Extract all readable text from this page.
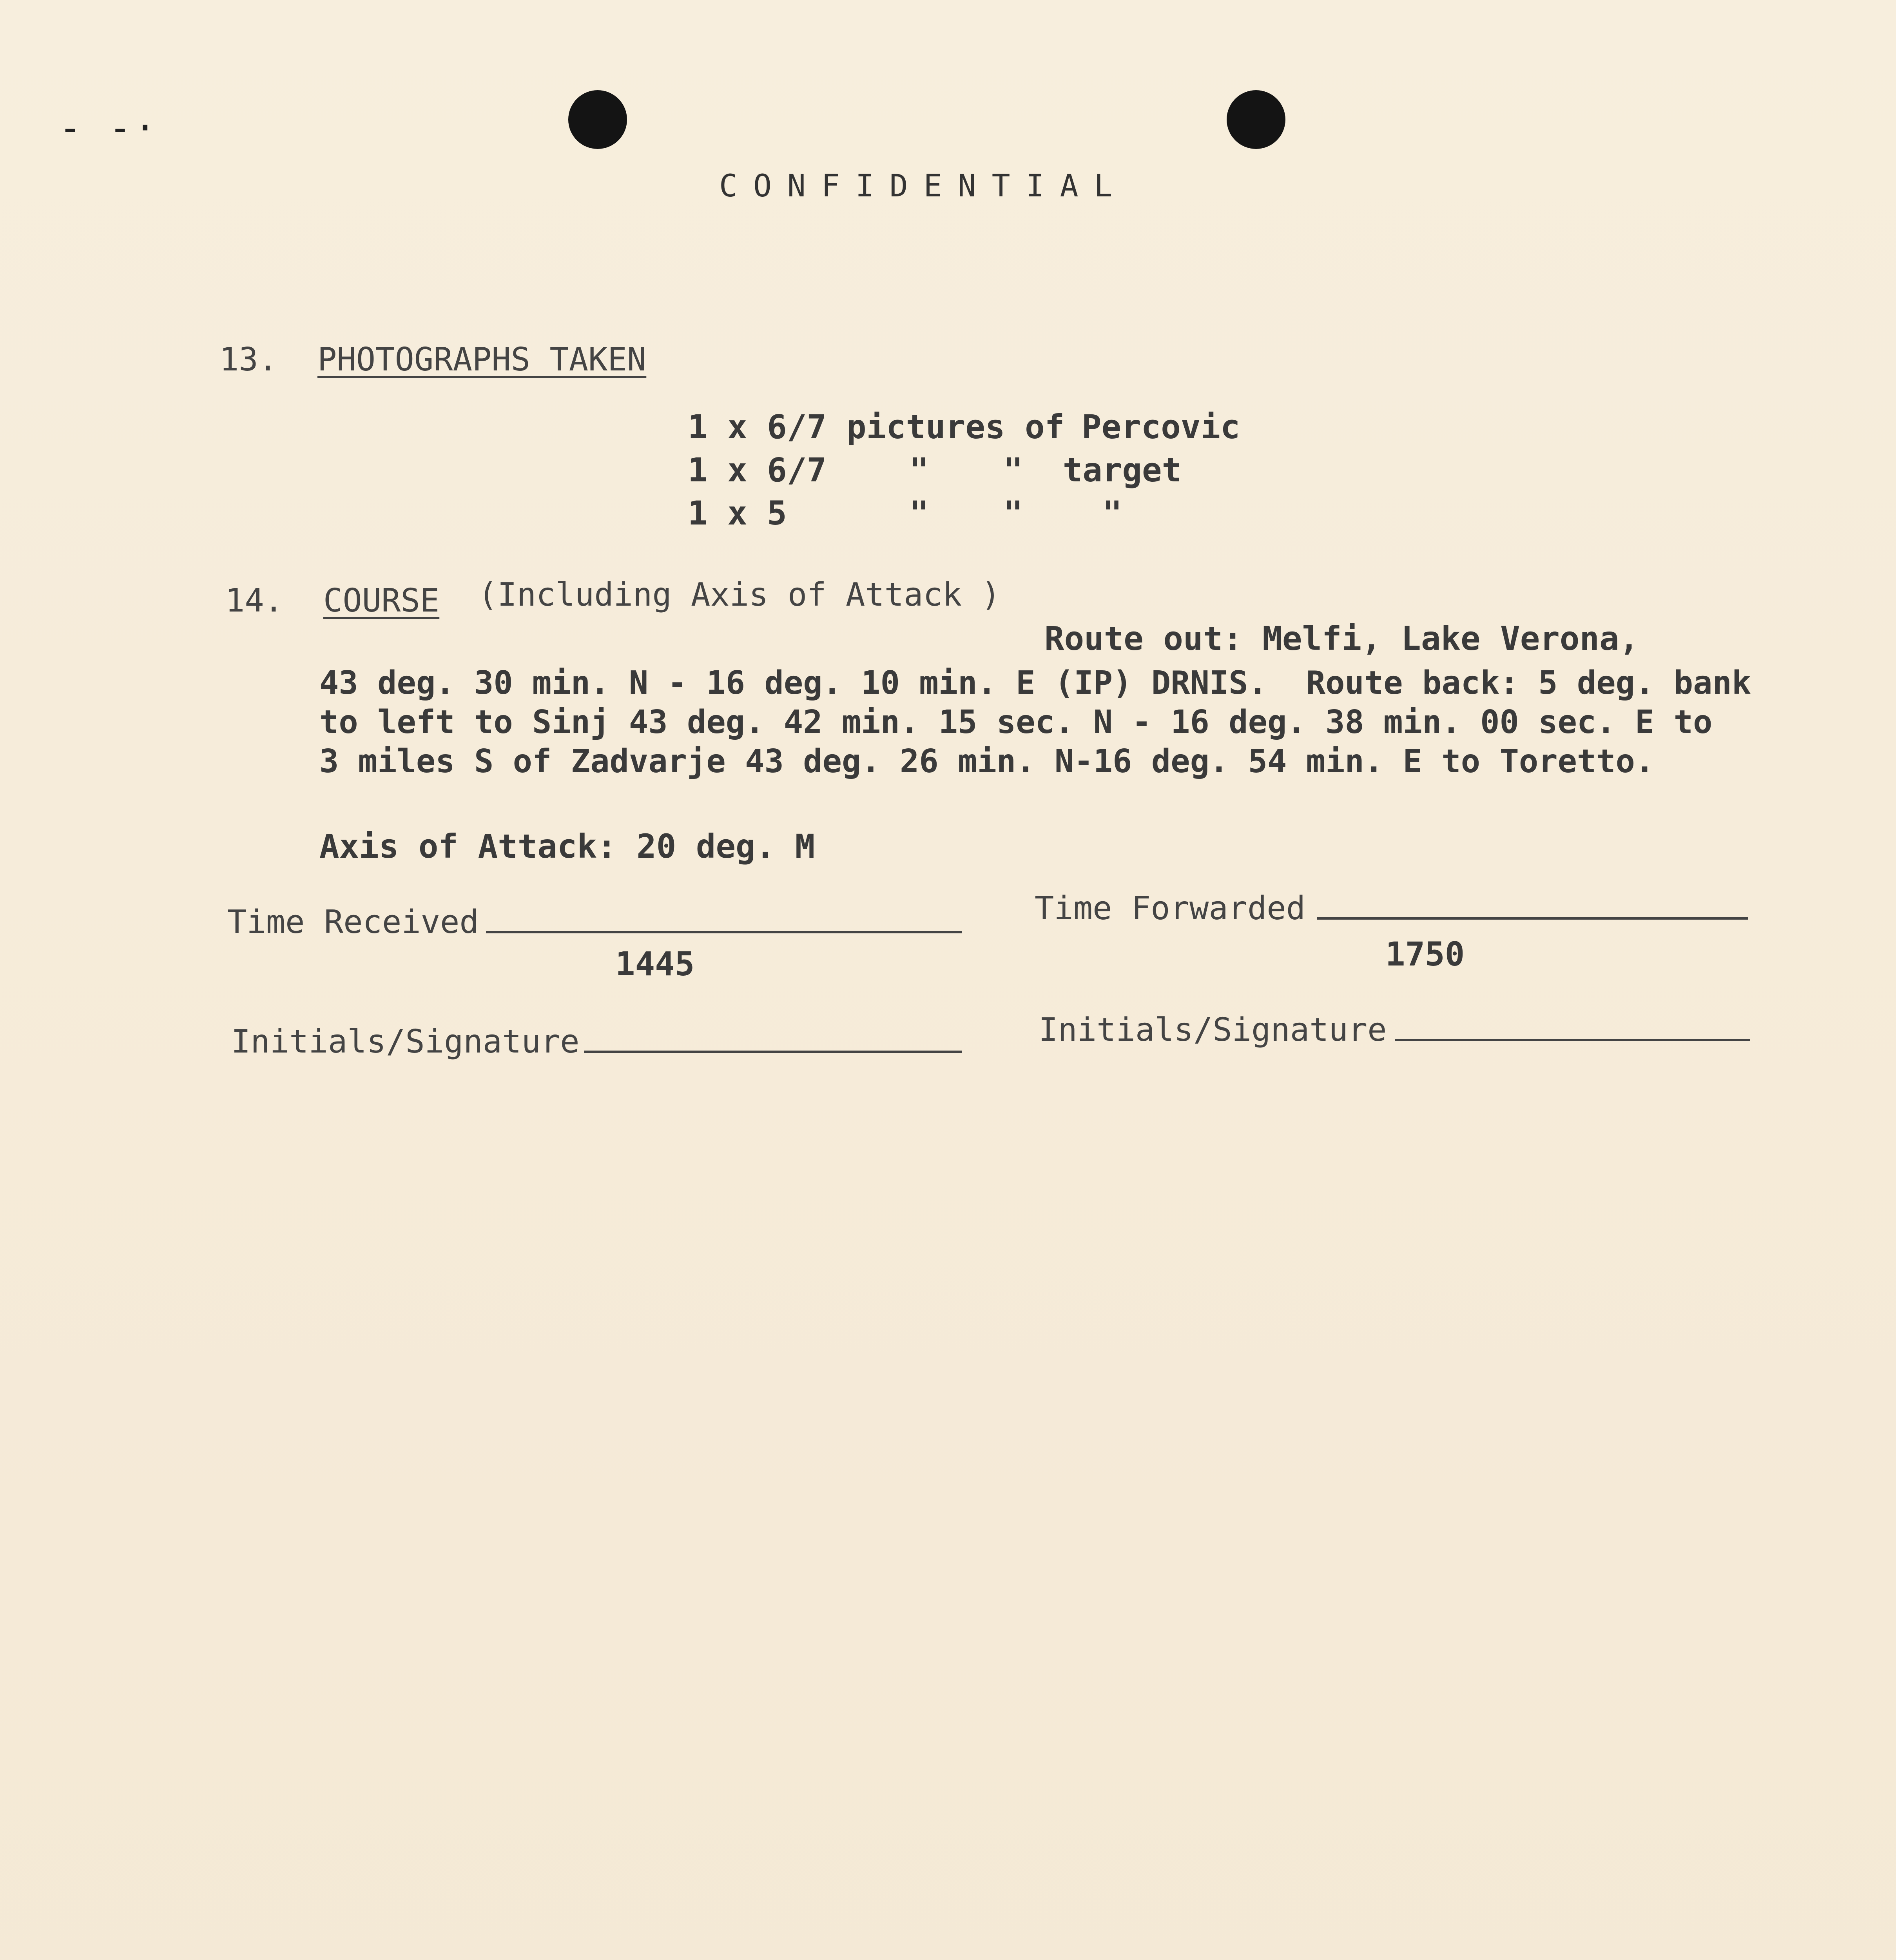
- -·
CONFIDENTIAL
13. PHOTOGRAPHS TAKEN
1 x 6/7 pictures of Percovic
1 x 6/7	" "  target
1 x 5	" "    "
14. COURSE (Including Axis of Attack )
Route out: Melfi, Lake Verona,
43 deg. 30 min. N - 16 deg. 10 min. E (IP) DRNIS.  Route back: 5 deg. bank
to left to Sinj 43 deg. 42 min. 15 sec. N - 16 deg. 38 min. 00 sec. E to
3 miles S of Zadvarje 43 deg. 26 min. N-16 deg. 54 min. E to Toretto.
Axis of Attack: 20 deg. M
Time Received
1445
Time Forwarded
1750
Initials/Signature	Initials/Signature
